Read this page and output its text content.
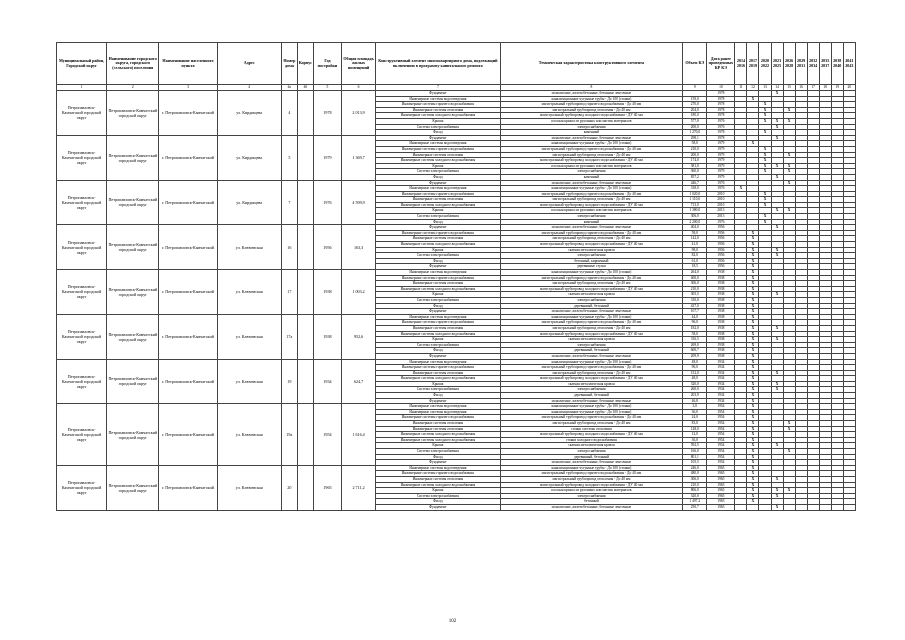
Муниципальный район, Городской округ	Наименование городского округа, городского (сельского) поселения	Наименование населенного пункта	Адрес	Номер дома	Корпус	Год постройки	Общая площадь жилых помещений	Конструктивный элемент многоквартирного дома, подлежащий включению в программу капитального ремонта	Техническая характеристика конструктивного элемента	Объем КЭ	Дата ранее проведенных КР КЭ	2014 2016	2017 2019	2020 2022	2023 2025	2026 2028	2029 2031	2032 2034	2035 2037	2038 2040	2041 2043
1	2	3	4	4а	4б	5	6	7	8	9	10	11	12	13	14	15	16	17	18	19	20
Петропавловск-Камчатский городской округ	Петропавловск-Камчатский городской округ	г. Петропавловск-Камчатский	ул. Кирдищева	4		1978	2 013,9	Фундамент	монолитные, железобетонные, бетонные ленточные		1978				X						
								Инженерные системы водоотведения	канализационные чугунные трубы - До 100 (стояки)	159,0	1978		X								
								Инженерные системы горячего водоснабжения	магистральный трубопровод горячего водоснабжения - До 40 мм	270,0	1978			X							
								Инженерные системы отопления	магистральный трубопровод отопления - До 40 мм	204,0	1978			X		X					
								Инженерные системы холодного водоснабжения	магистральный трубопровод холодного водоснабжения - ДУ 40 мм	180,0	1978			X							
								Крыша	плоская крыша из рулонных или мастик материалов	577,0	1976			X	X	X					
								Система электроснабжения	электроснабжения	200,0	1976				X						
								Фасад	каменный	1 270,0	1978			X							
Петропавловск-Камчатский городской округ	Петропавловск-Камчатский городской округ	г. Петропавловск-Камчатский	ул. Кирдищева	5		1979	1 369,7	Фундамент	монолитные, железобетонные, бетонные ленточные	298,1	1978				X						
								Инженерные системы водоотведения	канализационные чугунные трубы - До 100 (стояки)	58,0	1979		X								
								Инженерные системы горячего водоснабжения	магистральный трубопровод горячего водоснабжения - До 40 мм	210,0	1979			X							
								Инженерные системы отопления	магистральный трубопровод отопления - До 40 мм	200,0	1979			X		X					
								Инженерные системы холодного водоснабжения	магистральный трубопровод холодного водоснабжения - ДУ 40 мм	174,0	1979			X							
								Крыша	плоская крыша из рулонных или мастик материалов	381,0	1979			X	X	X					
								Система электроснабжения	электроснабжения	360,0	1979			X		X					
								Фасад	каменный	857,2	1979				X						
Петропавловск-Камчатский городской округ	Петропавловск-Камчатский городской округ	г. Петропавловск-Камчатский	ул. Кирдищева	7		1976	4 599,9	Фундамент	монолитные, железобетонные, бетонные ленточные	446,7	1976					X					
								Инженерные системы водоотведения	канализационные чугунные трубы - До 100 (стояки)	318,0	1976	X									
								Инженерные системы горячего водоснабжения	магистральный трубопровод горячего водоснабжения - До 40 мм	1 020,0	2010			X							
								Инженерные системы отопления	магистральный трубопровод отопления - До 40 мм	1 110,0	2010			X							
								Инженерные системы холодного водоснабжения	магистральный трубопровод холодного водоснабжения - ДУ 40 мм	713,0	2010			X							
								Крыша	плоская крыша из рулонных или мастик материалов	1 380,0	2013				X	X					
								Система электроснабжения	электроснабжения	306,0	2013			X							
								Фасад	каменный	2 200,0	1976			X							
Петропавловск-Камчатский городской округ	Петропавловск-Камчатский городской округ	г. Петропавловск-Камчатский	ул. Ключевская	16		1956	163,3	Фундамент	монолитные, железобетонные, бетонные ленточные	404,0	1956				X						
								Инженерные системы горячего водоснабжения	магистральный трубопровод горячего водоснабжения - До 40 мм	58,0	1956		X								
								Инженерные системы отопления	магистральный трубопровод отопления - До 40 мм	142,0	1956		X								
								Инженерные системы холодного водоснабжения	магистральный трубопровод холодного водоснабжения - ДУ 40 мм	41,0	1956		X								
								Крыша	скатная металлическая кровля	98,0	1956		X		X						
								Система электроснабжения	электроснабжения	82,0	1956		X		X						
								Фасад	бетонный, кирпичный	61,0	1956		X								
								Фундамент	деревянные стулья	18,5	1956		X								
Петропавловск-Камчатский городской округ	Петропавловск-Камчатский городской округ	г. Петропавловск-Камчатский	ул. Ключевская	17		1938	1 003,2	Инженерные системы водоотведения	канализационные чугунные трубы - До 100 (стояки)	264,0	1938		X								
								Инженерные системы горячего водоснабжения	магистральный трубопровод горячего водоснабжения - До 40 мм	400,0	1938		X								
								Инженерные системы отопления	магистральный трубопровод отопления - До 40 мм	306,0	1938		X								
								Инженерные системы холодного водоснабжения	магистральный трубопровод холодного водоснабжения - ДУ 40 мм	210,0	1938		X								
								Крыша	скатная металлическая кровля	305,5	1938		X		X						
								Система электроснабжения	электроснабжения	310,0	1938		X								
								Фасад	деревянный, бетонный	437,0	1938		X								
								Фундамент	монолитные, железобетонные, бетонные ленточные	107,7	1938		X								
Петропавловск-Камчатский городской округ	Петропавловск-Камчатский городской округ	г. Петропавловск-Камчатский	ул. Ключевская	17а		1938	952,6	Инженерные системы водоотведения	канализационные чугунные трубы - До 100 (стояки)	44,0	1938		X								
								Инженерные системы горячего водоснабжения	магистральный трубопровод горячего водоснабжения - До 40 мм	96,0	1938		X								
								Инженерные системы отопления	магистральный трубопровод отопления - До 40 мм	182,0	1938		X		X						
								Инженерные системы холодного водоснабжения	магистральный трубопровод холодного водоснабжения - ДУ 40 мм	58,0	1938		X								
								Крыша	скатная металлическая кровля	316,5	1938		X		X						
								Система электроснабжения	электроснабжения	269,0	1938		X								
								Фасад	деревянный, бетонный	600,7	1938		X								
								Фундамент	монолитные, железобетонные, бетонные ленточные	209,9	1938		X								
Петропавловск-Камчатский городской округ	Петропавловск-Камчатский городской округ	г. Петропавловск-Камчатский	ул. Ключевская	19		1934	624,7	Инженерные системы водоотведения	канализационные чугунные трубы - До 100 (стояки)	48,0	1934		X								
								Инженерные системы горячего водоснабжения	магистральный трубопровод горячего водоснабжения - До 40 мм	96,0	1934		X								
								Инженерные системы отопления	магистральный трубопровод отопления - До 40 мм	152,0	1934		X		X						
								Инженерные системы холодного водоснабжения	магистральный трубопровод холодного водоснабжения - ДУ 40 мм	48,0	1934		X								
								Крыша	скатная металлическая кровля	320,0	1934		X		X						
								Система электроснабжения	электроснабжения	260,0	1934		X		X						
								Фасад	деревянный, бетонный	203,9	1934		X								
								Фундамент	монолитные, железобетонные, бетонные ленточные	46,8	1934		X								
Петропавловск-Камчатский городской округ	Петропавловск-Камчатский городской округ	г. Петропавловск-Камчатский	ул. Ключевская	19а		1954	1 616,4	Инженерные системы водоотведения	канализационные чугунные трубы - До 100 (стояки)	3,0	1954		X								
								Инженерные системы водоотведения	канализационные чугунные трубы - До 100 (стояки)	36,0	1954		X								
								Инженерные системы горячего водоснабжения	магистральный трубопровод горячего водоснабжения - До 40 мм	24,0	1954		X								
								Инженерные системы отопления	магистральный трубопровод отопления - До 40 мм	83,0	1954		X			X					
								Инженерные системы отопления	стояки системы отопления	128,0	1954		X			X					
								Инженерные системы холодного водоснабжения	магистральный трубопровод холодного водоснабжения - ДУ 40 мм	12,0	1954		X								
								Инженерные системы холодного водоснабжения	стояки холодного водоснабжения	36,0	1954		X								
								Крыша	скатная металлическая кровля	592,5	1954		X		X						
								Система электроснабжения	электроснабжения	166,0	1954		X			X					
								Фасад	деревянный, бетонный	801,1	1954		X								
								Фундамент	монолитные, железобетонные, бетонные ленточные	105,5	1954		X								
Петропавловск-Камчатский городской округ	Петропавловск-Камчатский городской округ	г. Петропавловск-Камчатский	ул. Ключевская	20		1965	2 711,2	Инженерные системы водоотведения	канализационные чугунные трубы - До 100 (стояки)	246,0	1965		X								
								Инженерные системы горячего водоснабжения	магистральный трубопровод горячего водоснабжения - До 40 мм	480,0	1965		X								
								Инженерные системы отопления	магистральный трубопровод отопления - До 40 мм	306,0	1965		X		X						
								Инженерные системы холодного водоснабжения	магистральный трубопровод холодного водоснабжения - ДУ 40 мм	210,0	1965		X								
								Крыша	плоская крыша из рулонных или мастик материалов	806,0	1965		X		X	X					
								Система электроснабжения	электроснабжения	320,0	1965		X		X						
								Фасад	бетонный	1 497,2	1965		X								
								Фундамент	монолитные, железобетонные, бетонные ленточные	250,7	1965				X						
102
